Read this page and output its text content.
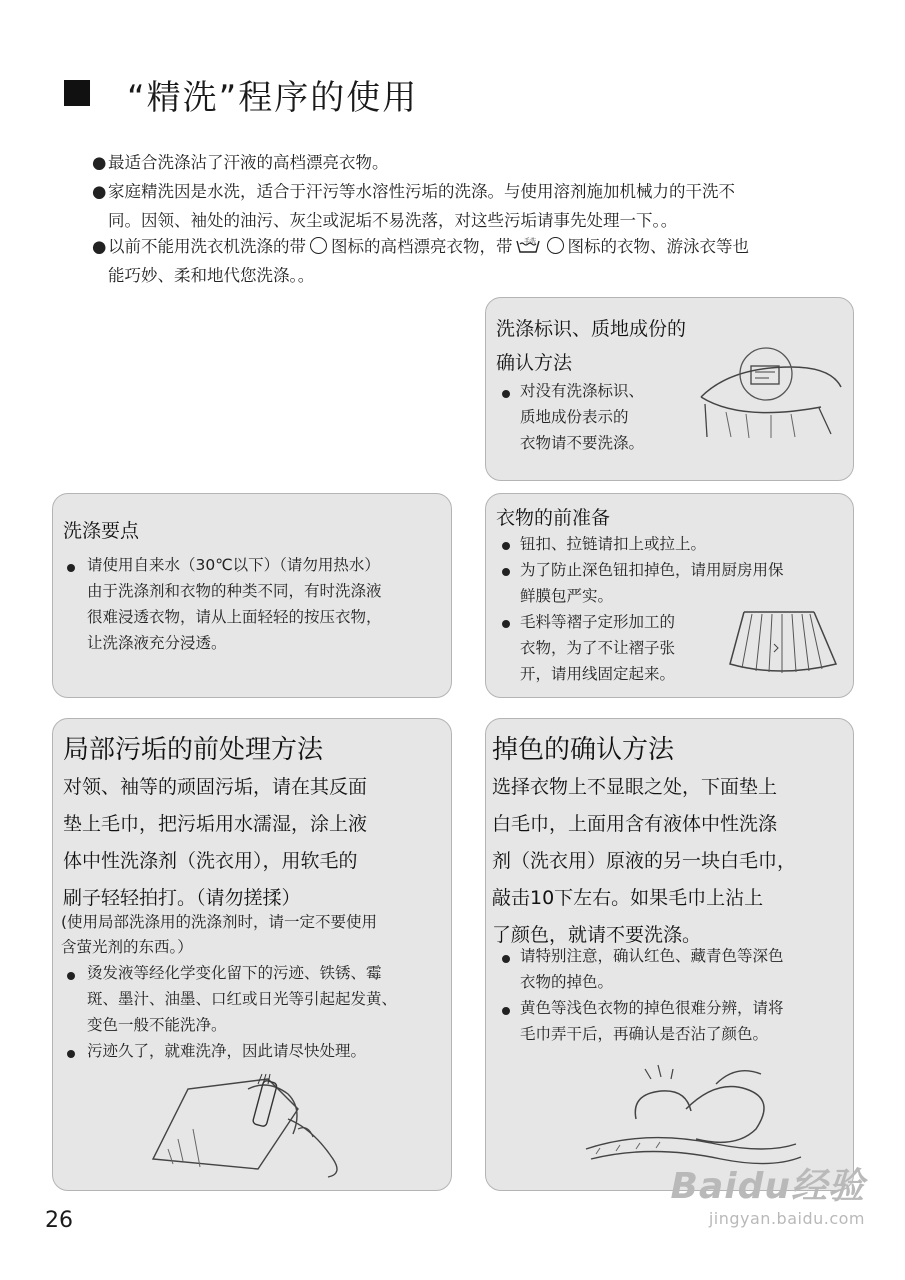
“精洗”程序的使用
●最适合洗涤沾了汗液的高档漂亮衣物。
●家庭精洗因是水洗，适合于汗污等水溶性污垢的洗涤。与使用溶剂施加机械力的干洗不
同。因领、袖处的油污、灰尘或泥垢不易洗落，对这些污垢请事先处理一下。。
●以前不能用洗衣机洗涤的带 图标的高档漂亮衣物，带 手洗 图标的衣物、游泳衣等也
能巧妙、柔和地代您洗涤。。
洗涤标识、质地成份的
确认方法
对没有洗涤标识、
质地成份表示的
衣物请不要洗涤。
洗涤要点
请使用自来水（30℃以下）（请勿用热水）
由于洗涤剂和衣物的种类不同，有时洗涤液
很难浸透衣物，请从上面轻轻的按压衣物，
让洗涤液充分浸透。
衣物的前准备
钮扣、拉链请扣上或拉上。
为了防止深色钮扣掉色，请用厨房用保
鲜膜包严实。
毛料等褶子定形加工的
衣物，为了不让褶子张
开，请用线固定起来。
局部污垢的前处理方法
对领、袖等的顽固污垢，请在其反面
垫上毛巾，把污垢用水濡湿，涂上液
体中性洗涤剂（洗衣用），用软毛的
刷子轻轻拍打。（请勿搓揉）
(使用局部洗涤用的洗涤剂时，请一定不要使用
含萤光剂的东西。）
烫发液等经化学变化留下的污迹、铁锈、霉
斑、墨汁、油墨、口红或日光等引起起发黄、
变色一般不能洗净。
污迹久了，就难洗净，因此请尽快处理。
掉色的确认方法
选择衣物上不显眼之处，下面垫上
白毛巾，上面用含有液体中性洗涤
剂（洗衣用）原液的另一块白毛巾，
敲击10下左右。如果毛巾上沾上
了颜色，就请不要洗涤。
请特别注意，确认红色、藏青色等深色
衣物的掉色。
黄色等浅色衣物的掉色很难分辨，请将
毛巾弄干后，再确认是否沾了颜色。
26
Baidu经验
jingyan.baidu.com
